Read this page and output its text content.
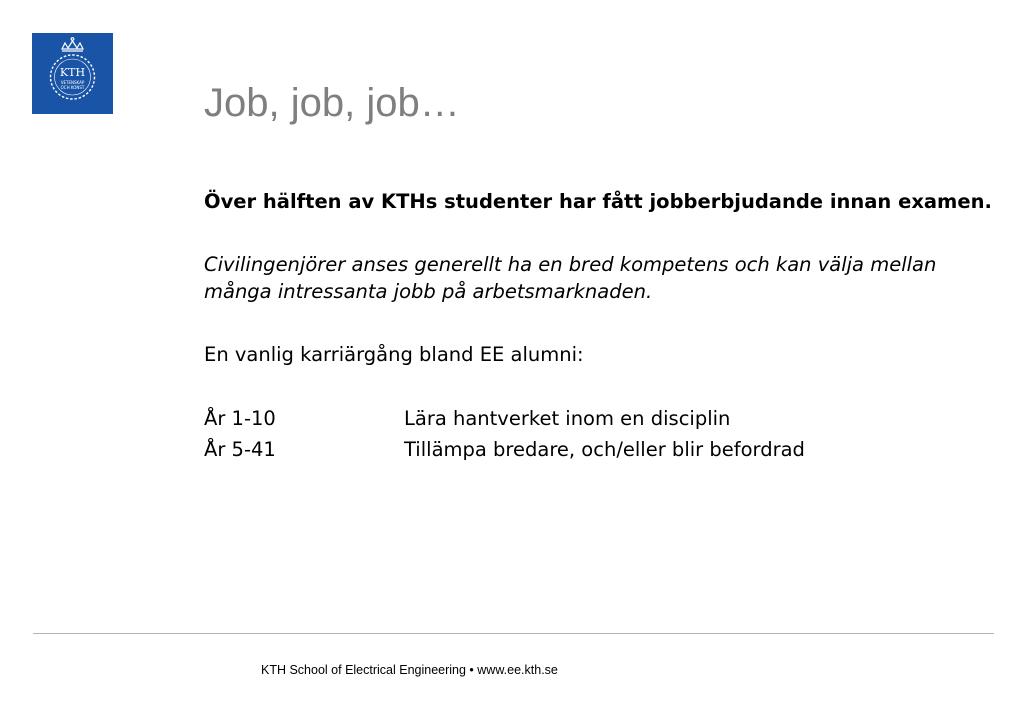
KTH
VETENSKAP
OCH KONST	Job, job, job…

Över hälften av KTHs studenter har fått jobberbjudande innan examen.

Civilingenjörer anses generellt ha en bred kompetens och kan välja mellan många intressanta jobb på arbetsmarknaden.

En vanlig karriärgång bland EE alumni:

År 1-10	Lära hantverket inom en disciplin
År 5-41	Tillämpa bredare, och/eller blir befordrad
KTH School of Electrical Engineering • www.ee.kth.se
